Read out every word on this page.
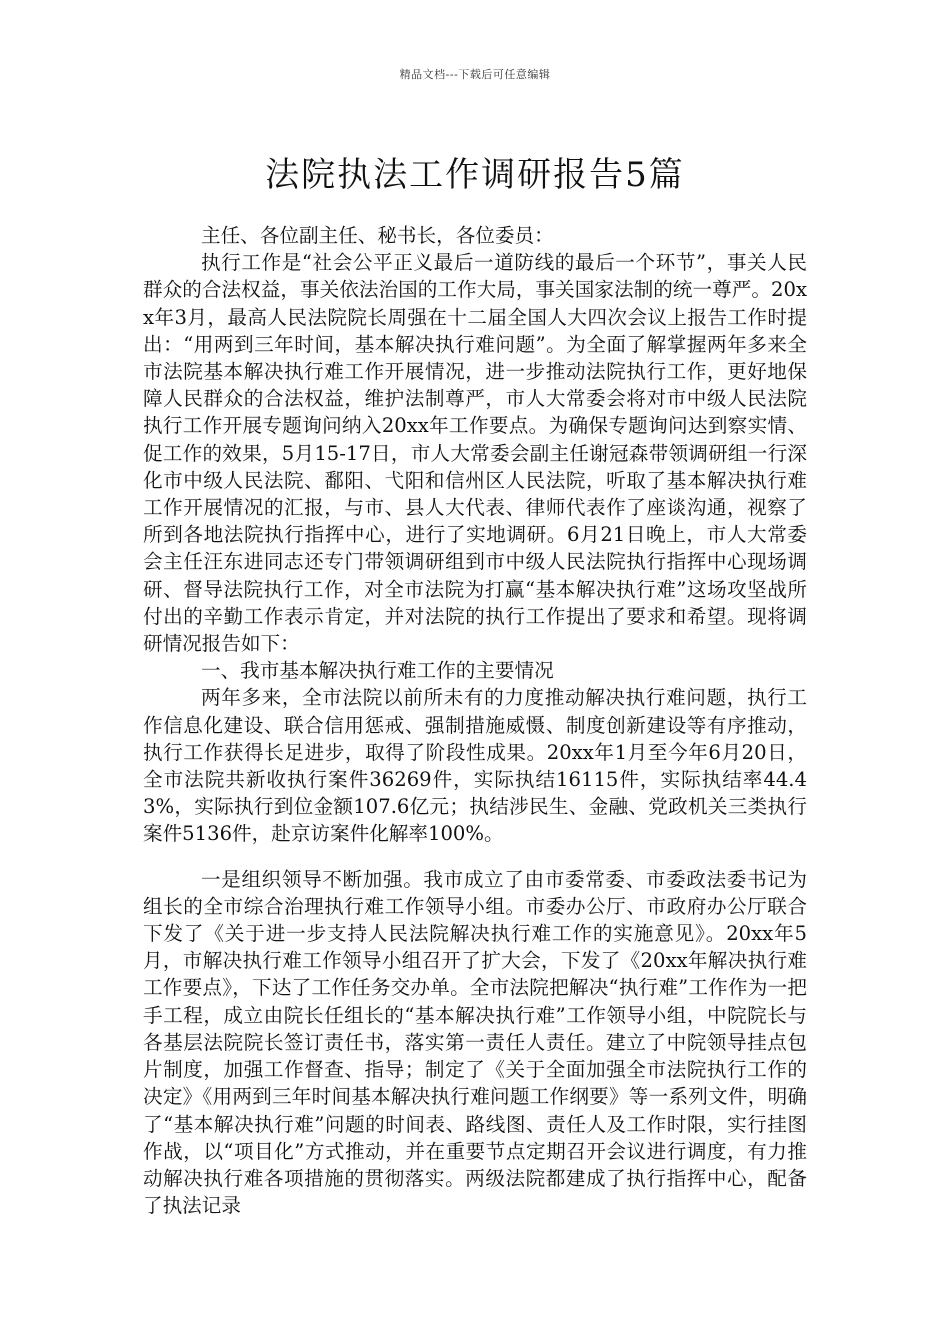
精品文档---下载后可任意编辑
法院执法工作调研报告5篇

主任、各位副主任、秘书长，各位委员：

执行工作是“社会公平正义最后一道防线的最后一个环节”，事关人民群众的合法权益，事关依法治国的工作大局，事关国家法制的统一尊严。20xx年3月，最高人民法院院长周强在十二届全国人大四次会议上报告工作时提出：“用两到三年时间，基本解决执行难问题”。为全面了解掌握两年多来全市法院基本解决执行难工作开展情况，进一步推动法院执行工作，更好地保障人民群众的合法权益，维护法制尊严，市人大常委会将对市中级人民法院执行工作开展专题询问纳入20xx年工作要点。为确保专题询问达到察实情、促工作的效果，5月15-17日，市人大常委会副主任谢冠森带领调研组一行深化市中级人民法院、鄱阳、弋阳和信州区人民法院，听取了基本解决执行难工作开展情况的汇报，与市、县人大代表、律师代表作了座谈沟通，视察了所到各地法院执行指挥中心，进行了实地调研。6月21日晚上，市人大常委会主任汪东进同志还专门带领调研组到市中级人民法院执行指挥中心现场调研、督导法院执行工作，对全市法院为打赢“基本解决执行难”这场攻坚战所付出的辛勤工作表示肯定，并对法院的执行工作提出了要求和希望。现将调研情况报告如下：

一、我市基本解决执行难工作的主要情况

两年多来，全市法院以前所未有的力度推动解决执行难问题，执行工作信息化建设、联合信用惩戒、强制措施威慑、制度创新建设等有序推动，执行工作获得长足进步，取得了阶段性成果。20xx年1月至今年6月20日，全市法院共新收执行案件36269件，实际执结16115件，实际执结率44.43%，实际执行到位金额107.6亿元；执结涉民生、金融、党政机关三类执行案件5136件，赴京访案件化解率100%。

一是组织领导不断加强。我市成立了由市委常委、市委政法委书记为组长的全市综合治理执行难工作领导小组。市委办公厅、市政府办公厅联合下发了《关于进一步支持人民法院解决执行难工作的实施意见》。20xx年5月，市解决执行难工作领导小组召开了扩大会，下发了《20xx年解决执行难工作要点》，下达了工作任务交办单。全市法院把解决“执行难”工作作为一把手工程，成立由院长任组长的“基本解决执行难”工作领导小组，中院院长与各基层法院院长签订责任书，落实第一责任人责任。建立了中院领导挂点包片制度，加强工作督查、指导；制定了《关于全面加强全市法院执行工作的决定》《用两到三年时间基本解决执行难问题工作纲要》等一系列文件，明确了“基本解决执行难”问题的时间表、路线图、责任人及工作时限，实行挂图作战，以“项目化”方式推动，并在重要节点定期召开会议进行调度，有力推动解决执行难各项措施的贯彻落实。两级法院都建成了执行指挥中心，配备了执法记录
